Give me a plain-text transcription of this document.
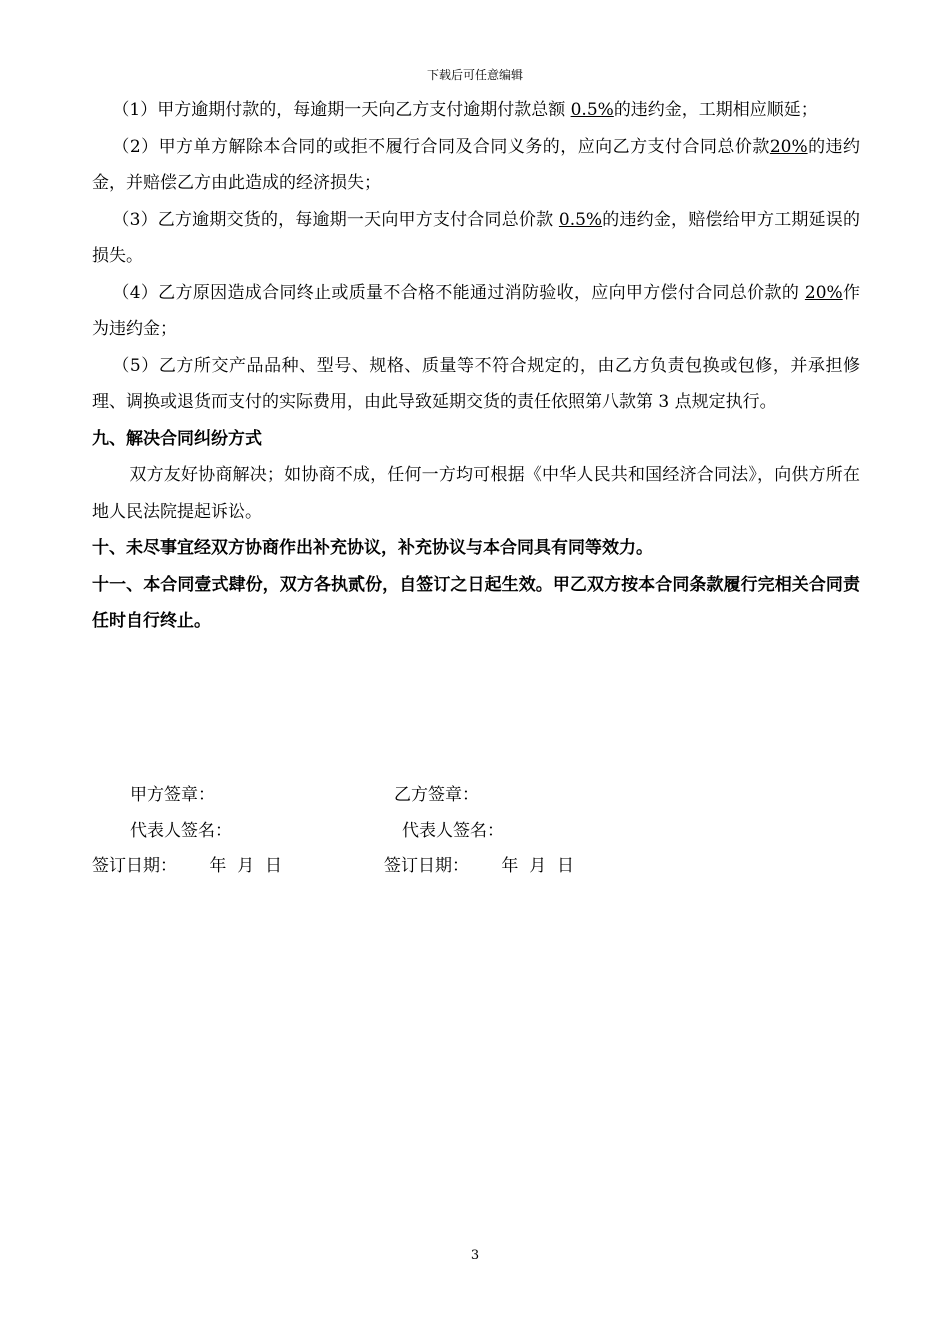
下载后可任意编辑

（1）甲方逾期付款的，每逾期一天向乙方支付逾期付款总额 0.5%的违约金，工期相应顺延；

（2）甲方单方解除本合同的或拒不履行合同及合同义务的，应向乙方支付合同总价款20%的违约金，并赔偿乙方由此造成的经济损失；

（3）乙方逾期交货的，每逾期一天向甲方支付合同总价款 0.5%的违约金，赔偿给甲方工期延误的损失。

（4）乙方原因造成合同终止或质量不合格不能通过消防验收，应向甲方偿付合同总价款的 20%作为违约金；

（5）乙方所交产品品种、型号、规格、质量等不符合规定的，由乙方负责包换或包修，并承担修理、调换或退货而支付的实际费用，由此导致延期交货的责任依照第八款第 3 点规定执行。

九、解决合同纠纷方式

双方友好协商解决；如协商不成，任何一方均可根据《中华人民共和国经济合同法》，向供方所在地人民法院提起诉讼。

十、未尽事宜经双方协商作出补充协议，补充协议与本合同具有同等效力。

十一、本合同壹式肆份，双方各执贰份，自签订之日起生效。甲乙双方按本合同条款履行完相关合同责任时自行终止。

甲方签章：	乙方签章：
代表人签名：	代表人签名：
签订日期：      年  月  日	签订日期：      年  月  日
3
